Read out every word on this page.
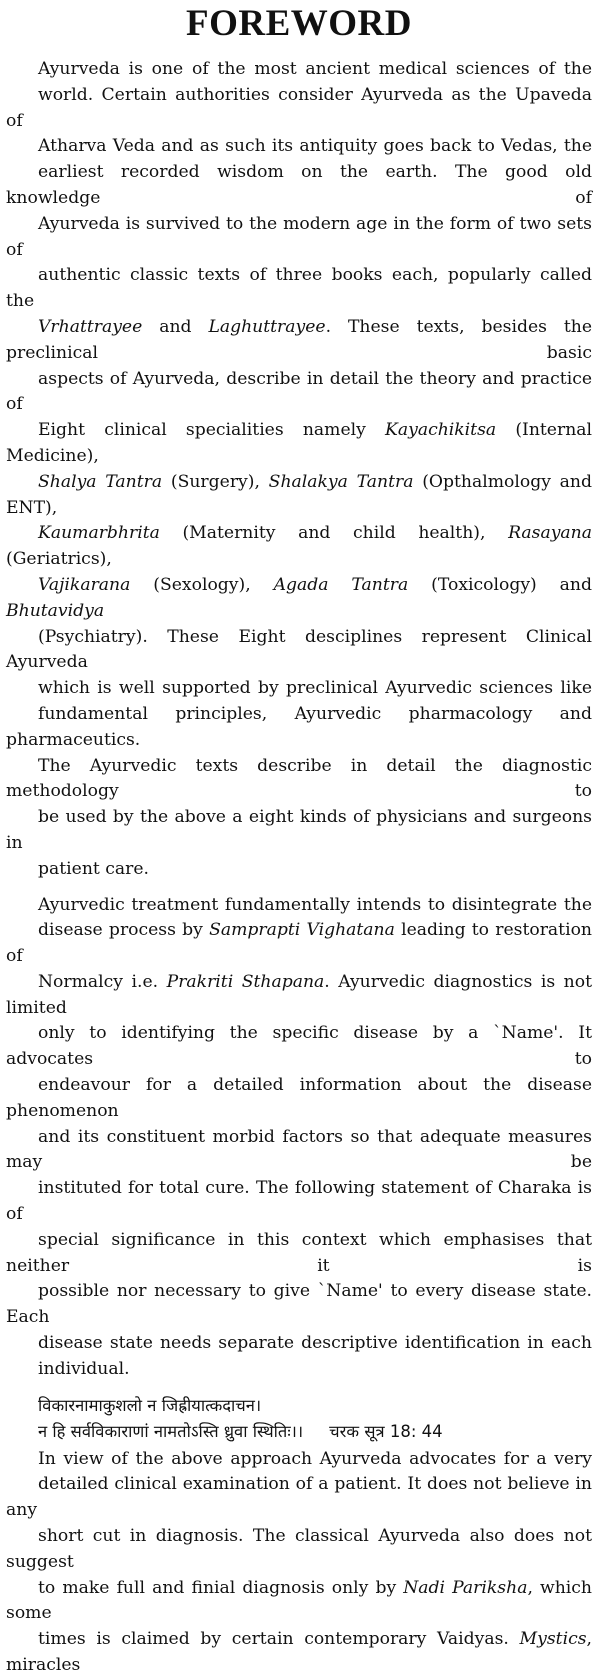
FOREWORD

Ayurveda is one of the most ancient medical sciences of the
world. Certain authorities consider Ayurveda as the Upaveda of
Atharva Veda and as such its antiquity goes back to Vedas, the
earliest recorded wisdom on the earth. The good old knowledge of
Ayurveda is survived to the modern age in the form of two sets of
authentic classic texts of three books each, popularly called the
Vrhattrayee and Laghuttrayee. These texts, besides the preclinical basic
aspects of Ayurveda, describe in detail the theory and practice of
Eight clinical specialities namely Kayachikitsa (Internal Medicine),
Shalya Tantra (Surgery), Shalakya Tantra (Opthalmology and ENT),
Kaumarbhrita (Maternity and child health), Rasayana (Geriatrics),
Vajikarana (Sexology), Agada Tantra (Toxicology) and Bhutavidya
(Psychiatry). These Eight desciplines represent Clinical Ayurveda
which is well supported by preclinical Ayurvedic sciences like
fundamental principles, Ayurvedic pharmacology and pharmaceutics.
The Ayurvedic texts describe in detail the diagnostic methodology to
be used by the above a eight kinds of physicians and surgeons in
patient care.

Ayurvedic treatment fundamentally intends to disintegrate the
disease process by Samprapti Vighatana leading to restoration of
Normalcy i.e. Prakriti Sthapana. Ayurvedic diagnostics is not limited
only to identifying the specific disease by a `Name'. It advocates to
endeavour for a detailed information about the disease phenomenon
and its constituent morbid factors so that adequate measures may be
instituted for total cure. The following statement of Charaka is of
special significance in this context which emphasises that neither it is
possible nor necessary to give `Name' to every disease state. Each
disease state needs separate descriptive identification in each
individual.

विकारनामाकुशलो न जिह्रीयात्कदाचन।
न हि सर्वविकाराणां नामतोऽस्ति ध्रुवा स्थितिः।। चरक सूत्र 18: 44

In view of the above approach Ayurveda advocates for a very
detailed clinical examination of a patient. It does not believe in any
short cut in diagnosis. The classical Ayurveda also does not suggest
to make full and finial diagnosis only by Nadi Pariksha, which some
times is claimed by certain contemporary Vaidyas. Mystics, miracles
